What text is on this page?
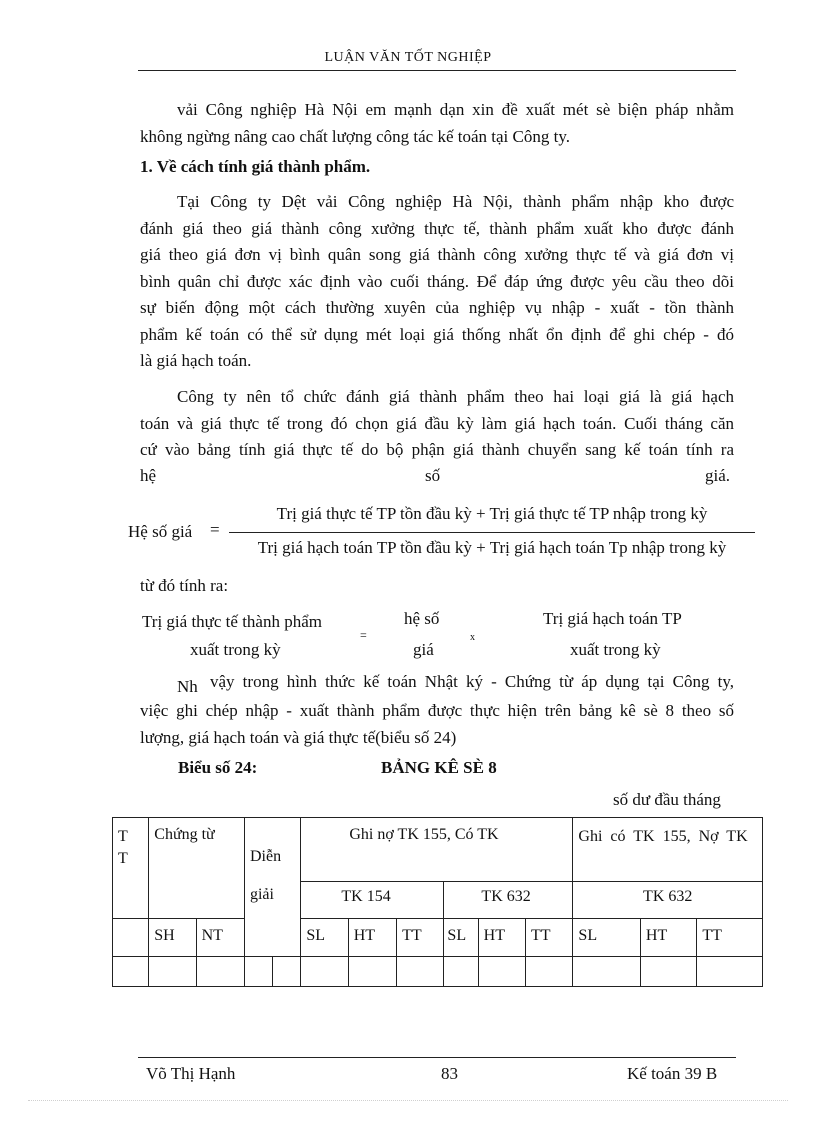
LUẬN VĂN TỐT NGHIỆP
vải Công nghiệp Hà Nội em mạnh dạn xin đề xuất mét sè biện pháp nhằm
không ngừng nâng cao chất lượng công tác kế toán tại Công ty.
1. Về cách tính giá thành phẩm.
Tại Công ty Dệt vải Công nghiệp Hà Nội, thành phẩm nhập kho được
đánh giá theo giá thành công xưởng thực tế, thành phẩm xuất kho được đánh
giá theo giá đơn vị bình quân song giá thành công xưởng thực tế và giá đơn vị
bình quân chỉ được xác định vào cuối tháng. Để đáp ứng được yêu cầu theo dõi
sự biến động một cách thường xuyên của nghiệp vụ nhập - xuất - tồn thành
phẩm kế toán có thể sử dụng mét loại giá thống nhất ổn định để ghi chép - đó
là giá hạch toán.
Công ty nên tổ chức đánh giá thành phẩm theo hai loại giá là giá hạch
toán và giá thực tế trong đó chọn giá đầu kỳ làm giá hạch toán. Cuối tháng căn
cứ vào bảng tính giá thực tế do bộ phận giá thành chuyển sang kế toán tính ra
hệ	số	giá.
Hệ số giá =
Trị giá thực tế TP tồn đầu kỳ + Trị giá thực tế TP nhập trong kỳ
Trị giá hạch toán TP tồn đầu kỳ + Trị giá hạch toán Tp nhập trong kỳ
từ đó tính ra:
Trị giá thực tế thành phẩm
xuất trong kỳ
=
hệ số
giá
x
Trị giá hạch toán TP
xuất trong kỳ
Nh vậy trong hình thức kế toán Nhật ký - Chứng từ áp dụng tại Công ty,
việc ghi chép nhập - xuất thành phẩm được thực hiện trên bảng kê sè 8 theo số
lượng, giá hạch toán và giá thực tế(biểu số 24)
Biểu số 24:	BẢNG KÊ SÈ 8
số dư đầu tháng
T T	Chứng từ		Diễn giải		Ghi nợ TK 155, Có TK						Ghi có TK 155, Nợ TK		
					TK 154			TK 632			TK 632		
	SH	NT			SL	HT	TT	SL	HT	TT	SL	HT	TT

Võ Thị Hạnh	83	Kế toán 39 B
